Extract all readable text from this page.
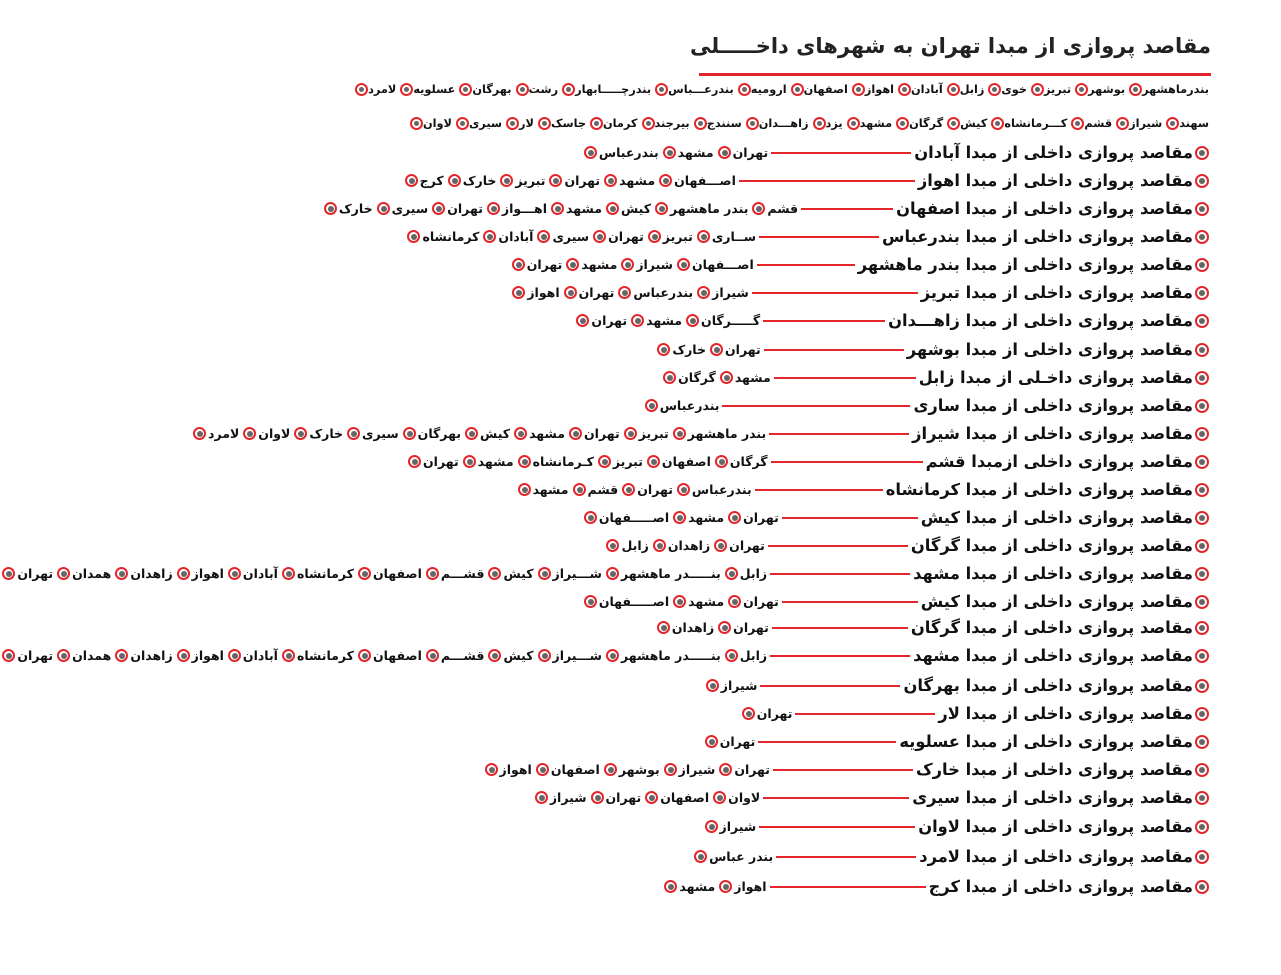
مقاصد پروازی از مبدا تهران به شهرهای داخـــــلی
بندرماهشهر
بوشهر
تبریز
خوی
زابل
آبادان
اهواز
اصفهان
ارومیه
بندرعـــباس
بندرچـــــابهار
رشت
بهرگان
عسلویه
لامرد
سهند
شیراز
قشم
کـــرمانشاه
کیش
گرگان
مشهد
یزد
زاهـــدان
سنندج
بیرجند
کرمان
جاسک
لار
سیری
لاوان
مقاصد پروازی داخلی از مبدا آبادان
تهران
مشهد
بندرعباس
مقاصد پروازی داخلی از مبدا اهواز
اصـــفهان
مشهد
تهران
تبریز
خارک
کرج
مقاصد پروازی داخلی از مبدا اصفهان
قشم
بندر ماهشهر
کیش
مشهد
اهـــواز
تهران
سیری
خارک
مقاصد پروازی داخلی از مبدا بندرعباس
ســاری
تبریز
تهران
سیری
آبادان
کرمانشاه
مقاصد پروازی داخلی از مبدا بندر ماهشهر
اصـــفهان
شیراز
مشهد
تهران
مقاصد پروازی داخلی از مبدا تبریز
شیراز
بندرعباس
تهران
اهواز
مقاصد پروازی داخلی از مبدا زاهـــدان
گـــــرگان
مشهد
تهران
مقاصد پروازی داخلی از مبدا بوشهر
تهران
خارک
مقاصد پروازی داخـلی از مبدا زابل
مشهد
گرگان
مقاصد پروازی داخلی از مبدا ساری
بندرعباس
مقاصد پروازی داخلی از مبدا شیراز
بندر ماهشهر
تبریز
تهران
مشهد
کیش
بهرگان
سیری
خارک
لاوان
لامرد
مقاصد پروازی داخلی ازمبدا قشم
گرگان
اصفهان
تبریز
کـرمانشاه
مشهد
تهران
مقاصد پروازی داخلی از مبدا کرمانشاه
بندرعباس
تهران
قشم
مشهد
مقاصد پروازی داخلی از مبدا کیش
تهران
مشهد
اصـــــفهان
مقاصد پروازی داخلی از مبدا گرگان
تهران
زاهدان
زابل
مقاصد پروازی داخلی از مبدا مشهد
زابل
بنـــــدر ماهشهر
شـــیراز
کیش
قشـــم
اصفهان
کرمانشاه
آبادان
اهواز
زاهدان
همدان
تهران
مقاصد پروازی داخلی از مبدا کیش
تهران
مشهد
اصـــــفهان
مقاصد پروازی داخلی از مبدا گرگان
تهران
زاهدان
مقاصد پروازی داخلی از مبدا مشهد
زابل
بنـــــدر ماهشهر
شـــیراز
کیش
قشـــم
اصفهان
کرمانشاه
آبادان
اهواز
زاهدان
همدان
تهران
مقاصد پروازی داخلی از مبدا بهرگان
شیراز
مقاصد پروازی داخلی از مبدا لار
تهران
مقاصد پروازی داخلی از مبدا عسلویه
تهران
مقاصد پروازی داخلی از مبدا خارک
تهران
شیراز
بوشهر
اصفهان
اهواز
مقاصد پروازی داخلی از مبدا سیری
لاوان
اصفهان
تهران
شیراز
مقاصد پروازی داخلی از مبدا لاوان
شیراز
مقاصد پروازی داخلی از مبدا لامرد
بندر عباس
مقاصد پروازی داخلی از مبدا کرج
اهواز
مشهد
